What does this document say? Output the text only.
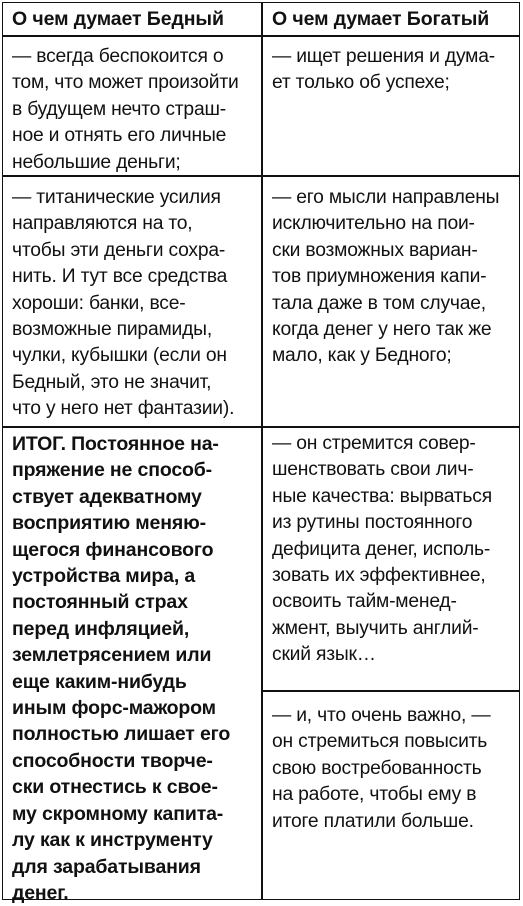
О чем думает Бедный О чем думает Богатый
— всегда беспокоится о
том, что может произойти
в будущем нечто страш-
ное и отнять его личные
небольшие деньги;
— ищет решения и дума-
ет только об успехе;
— титанические усилия
направляются на то,
чтобы эти деньги сохра-
нить. И тут все средства
хороши: банки, все-
возможные пирамиды,
чулки, кубышки (если он
Бедный, это не значит,
что у него нет фантазии).
— его мысли направлены
исключительно на пои-
ски возможных вариан-
тов приумножения капи-
тала даже в том случае,
когда денег у него так же
мало, как у Бедного;
ИТОГ. Постоянное на-
пряжение не способ-
ствует адекватному
восприятию меняю-
щегося финансового
устройства мира, а
постоянный страх
перед инфляцией,
землетрясением или
еще каким-нибудь
иным форс-мажором
полностью лишает его
способности творче-
ски отнестись к свое-
му скромному капита-
лу как к инструменту
для зарабатывания
денег.
— он стремится совер-
шенствовать свои лич-
ные качества: вырваться
из рутины постоянного
дефицита денег, исполь-
зовать их эффективнее,
освоить тайм-менед-
жмент, выучить англий-
ский язык…
— и, что очень важно, —
он стремиться повысить
свою востребованность
на работе, чтобы ему в
итоге платили больше.
